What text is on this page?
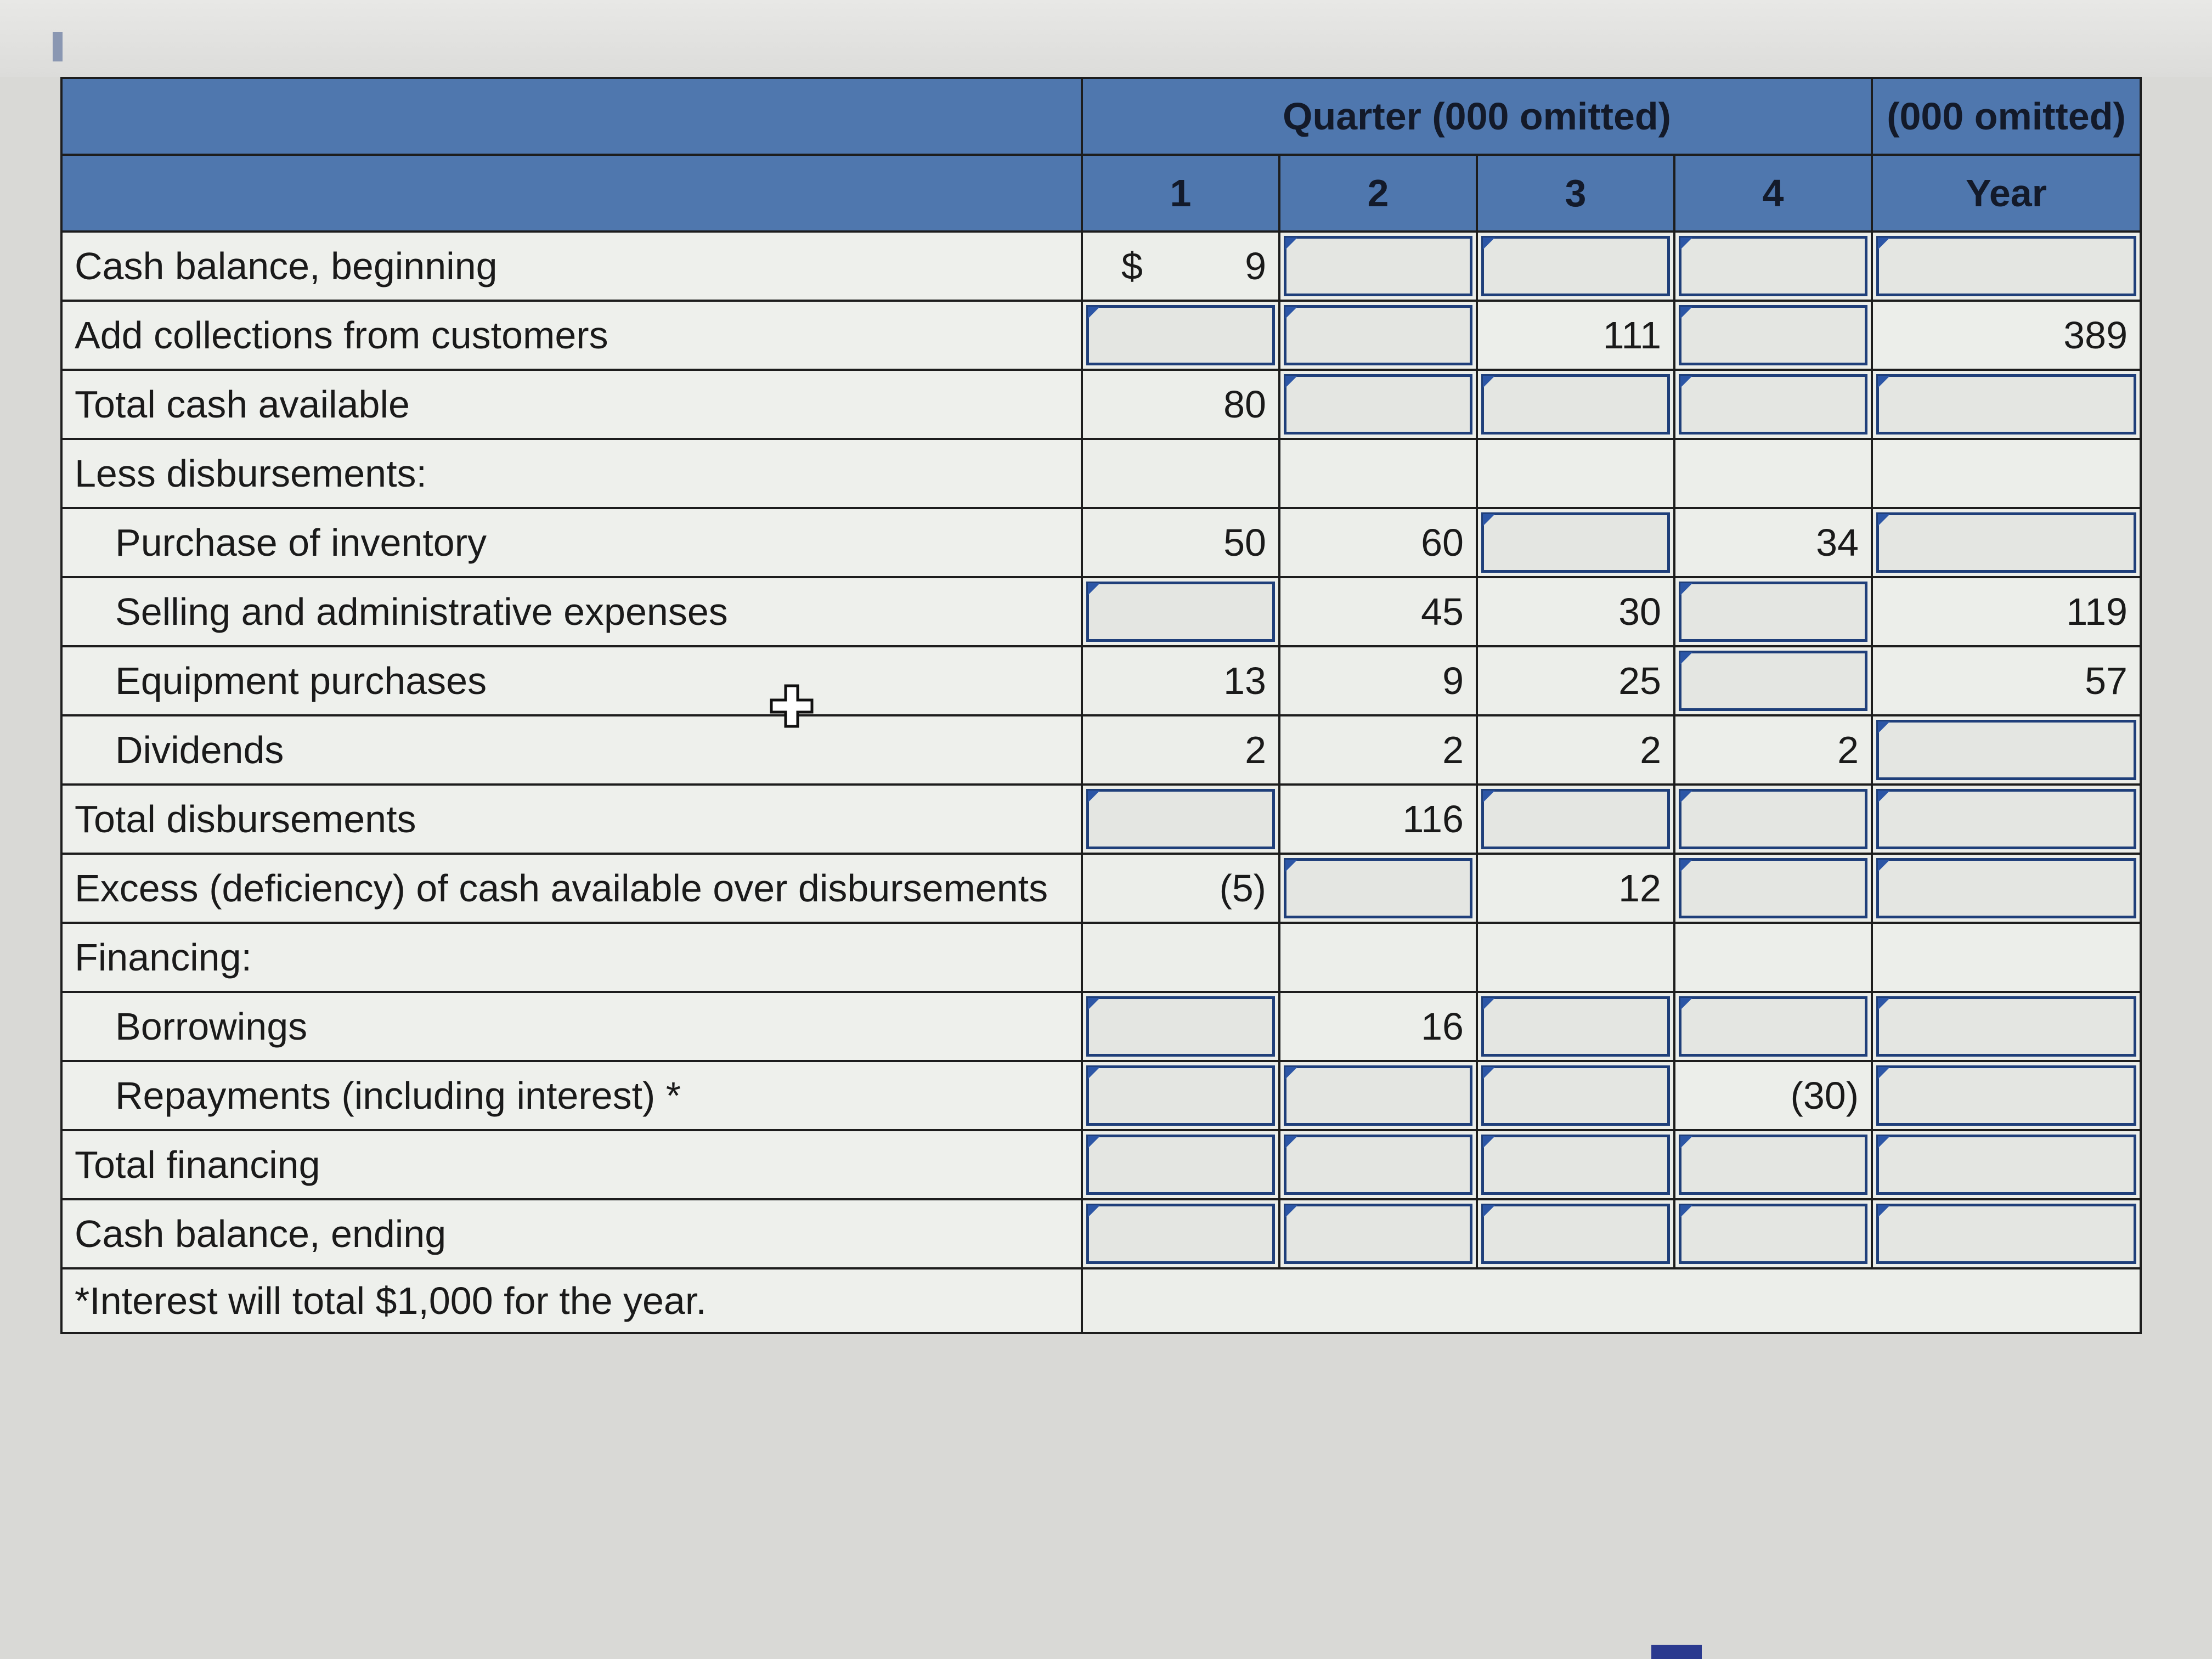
	Quarter (000 omitted)				(000 omitted)
	1	2	3	4	Year
Cash balance, beginning	$ 9				

Add collections from customers			111		389

Total cash available	80				

Less disbursements:					
Purchase of inventory	50	60		34	

Selling and administrative expenses		45	30		119

Equipment purchases	13	9	25		57

Dividends	2	2	2	2	

Total disbursements		116			

Excess (deficiency) of cash available over disbursements	(5)		12		

Financing:					
Borrowings		16			

Repayments (including interest) *				(30)	

Total financing	

Cash balance, ending	

*Interest will total $1,000 for the year.					
